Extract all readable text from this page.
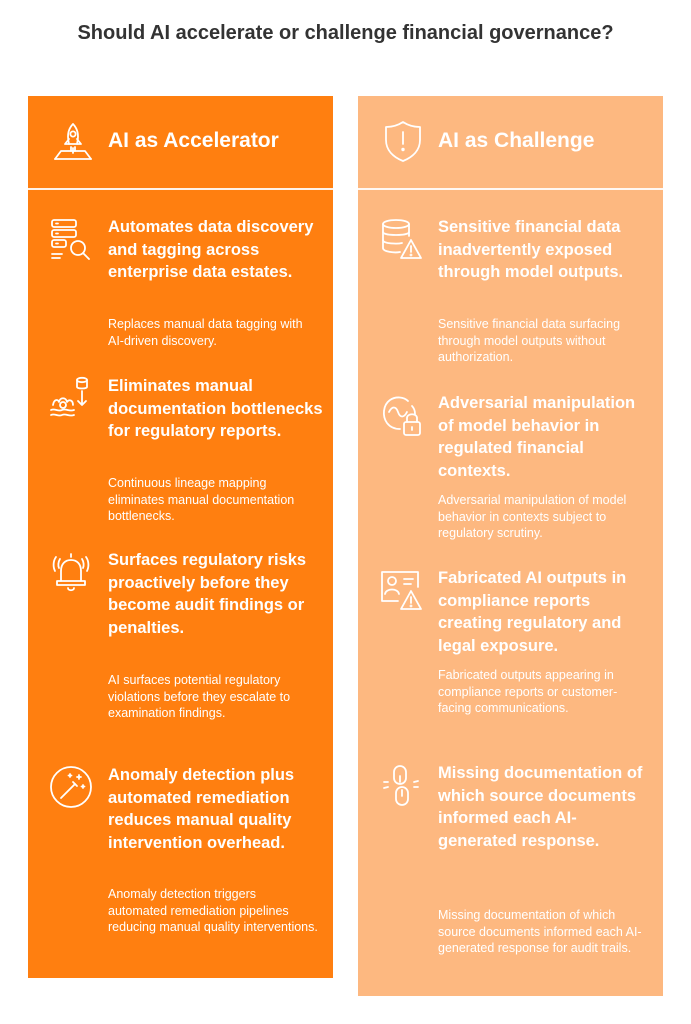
Should AI accelerate or challenge financial governance?
AI as Accelerator
Automates data discovery and tagging across enterprise data estates.
Replaces manual data tagging with AI-driven discovery.
Eliminates manual documentation bottlenecks for regulatory reports.
Continuous lineage mapping eliminates manual documentation bottlenecks.
Surfaces regulatory risks proactively before they become audit findings or penalties.
AI surfaces potential regulatory violations before they escalate to examination findings.
Anomaly detection plus automated remediation reduces manual quality intervention overhead.
Anomaly detection triggers automated remediation pipelines reducing manual quality interventions.
AI as Challenge
Sensitive financial data inadvertently exposed through model outputs.
Sensitive financial data surfacing through model outputs without authorization.
Adversarial manipulation of model behavior in regulated financial contexts.
Adversarial manipulation of model behavior in contexts subject to regulatory scrutiny.
Fabricated AI outputs in compliance reports creating regulatory and legal exposure.
Fabricated outputs appearing in compliance reports or customer-facing communications.
Missing documentation of which source documents informed each AI-generated response.
Missing documentation of which source documents informed each AI-generated response for audit trails.
